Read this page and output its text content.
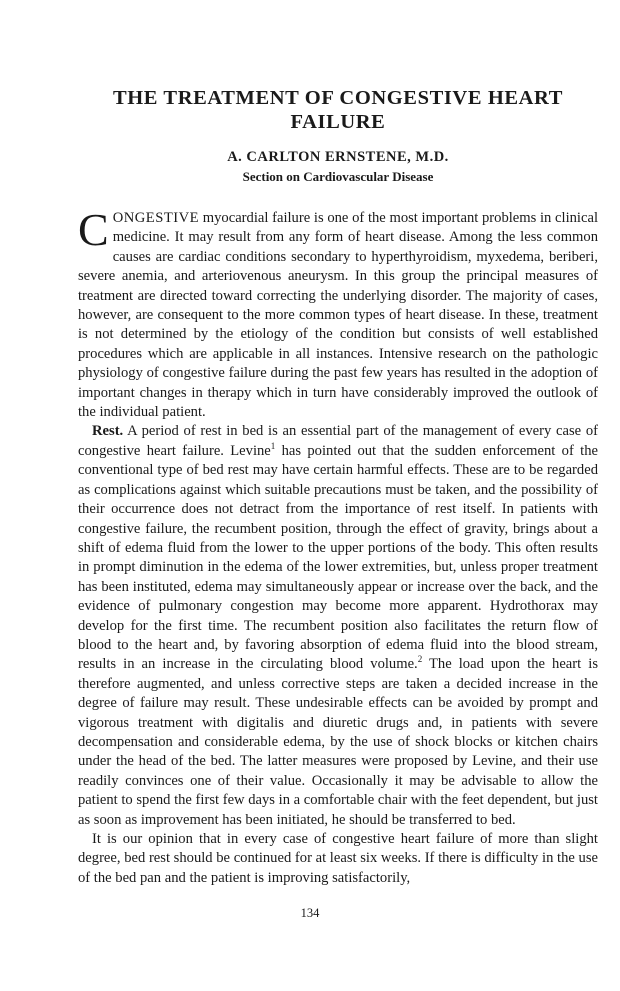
THE TREATMENT OF CONGESTIVE HEART FAILURE
A. CARLTON ERNSTENE, M.D.
Section on Cardiovascular Disease

CONGESTIVE myocardial failure is one of the most important problems in clinical medicine. It may result from any form of heart disease. Among the less common causes are cardiac conditions secondary to hyperthyroidism, myxedema, beriberi, severe anemia, and arteriovenous aneurysm. In this group the principal measures of treatment are directed toward correcting the underlying disorder. The majority of cases, however, are consequent to the more common types of heart disease. In these, treatment is not determined by the etiology of the condition but consists of well established procedures which are applicable in all instances. Intensive research on the pathologic physiology of congestive failure during the past few years has resulted in the adoption of important changes in therapy which in turn have considerably improved the outlook of the individual patient.

Rest. A period of rest in bed is an essential part of the management of every case of congestive heart failure. Levine$^1$ has pointed out that the sudden enforcement of the conventional type of bed rest may have certain harmful effects. These are to be regarded as complications against which suitable precautions must be taken, and the possibility of their occurrence does not detract from the importance of rest itself. In patients with congestive failure, the recumbent position, through the effect of gravity, brings about a shift of edema fluid from the lower to the upper portions of the body. This often results in prompt diminution in the edema of the lower extremities, but, unless proper treatment has been instituted, edema may simultaneously appear or increase over the back, and the evidence of pulmonary congestion may become more apparent. Hydrothorax may develop for the first time. The recumbent position also facilitates the return flow of blood to the heart and, by favoring absorption of edema fluid into the blood stream, results in an increase in the circulating blood volume.$^2$ The load upon the heart is therefore augmented, and unless corrective steps are taken a decided increase in the degree of failure may result. These undesirable effects can be avoided by prompt and vigorous treatment with digitalis and diuretic drugs and, in patients with severe decompensation and considerable edema, by the use of shock blocks or kitchen chairs under the head of the bed. The latter measures were proposed by Levine, and their use readily convinces one of their value. Occasionally it may be advisable to allow the patient to spend the first few days in a comfortable chair with the feet dependent, but just as soon as improvement has been initiated, he should be transferred to bed.

It is our opinion that in every case of congestive heart failure of more than slight degree, bed rest should be continued for at least six weeks. If there is difficulty in the use of the bed pan and the patient is improving satisfactorily,

134
